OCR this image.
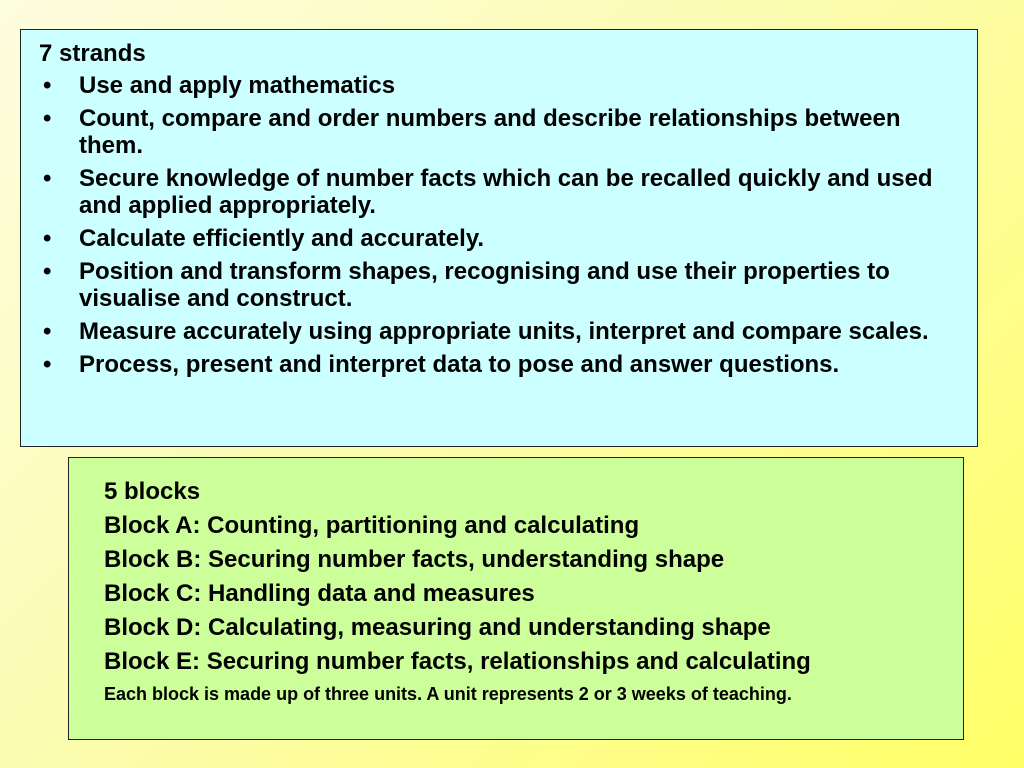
7 strands
•	Use and apply mathematics
•	Count, compare and order numbers and describe relationships between them.
•	Secure knowledge of number facts which can be recalled quickly and used and applied appropriately.
•	Calculate efficiently and accurately.
•	Position and transform shapes, recognising and use their properties to visualise and construct.
•	Measure accurately using appropriate units, interpret and compare scales.
•	Process, present and interpret data to pose and answer questions.
5 blocks
Block A: Counting, partitioning and calculating
Block B: Securing number facts, understanding shape
Block C: Handling data and measures
Block D: Calculating, measuring and understanding shape
Block E: Securing number facts, relationships and calculating
Each block is made up of three units. A unit represents 2 or 3 weeks of teaching.
